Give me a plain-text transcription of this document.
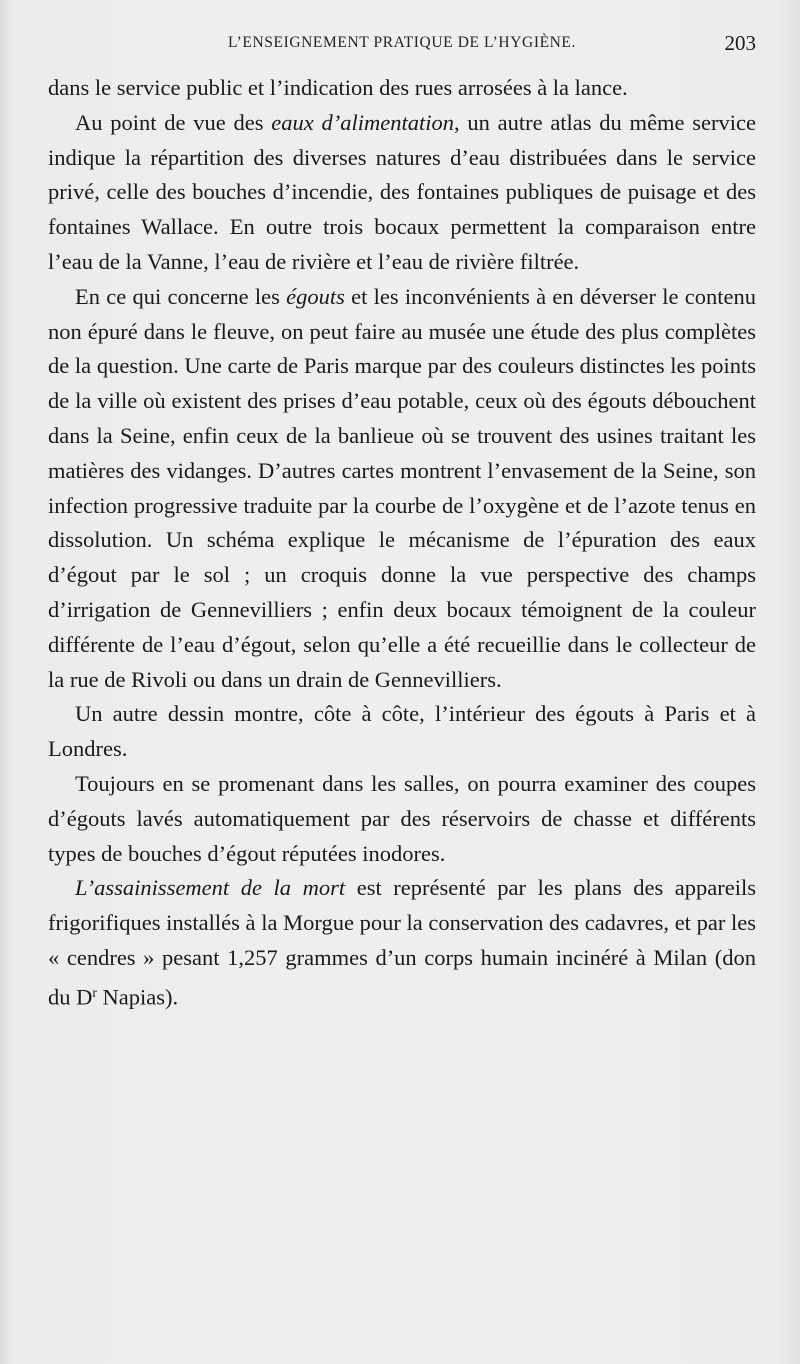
L’ENSEIGNEMENT PRATIQUE DE L’HYGIÈNE.	203

dans le service public et l’indication des rues arrosées à la lance.

Au point de vue des eaux d’alimentation, un autre atlas du même service indique la répartition des diverses natures d’eau distribuées dans le service privé, celle des bouches d’incendie, des fontaines publiques de puisage et des fontaines Wallace. En outre trois bocaux permettent la comparaison entre l’eau de la Vanne, l’eau de rivière et l’eau de rivière filtrée.

En ce qui concerne les égouts et les inconvénients à en déverser le contenu non épuré dans le fleuve, on peut faire au musée une étude des plus complètes de la question. Une carte de Paris marque par des couleurs distinctes les points de la ville où existent des prises d’eau potable, ceux où des égouts débouchent dans la Seine, enfin ceux de la banlieue où se trouvent des usines traitant les matières des vidanges. D’autres cartes montrent l’envasement de la Seine, son infection progressive traduite par la courbe de l’oxygène et de l’azote tenus en dissolution. Un schéma explique le mécanisme de l’épuration des eaux d’égout par le sol ; un croquis donne la vue perspective des champs d’irrigation de Gennevilliers ; enfin deux bocaux témoignent de la couleur différente de l’eau d’égout, selon qu’elle a été recueillie dans le collecteur de la rue de Rivoli ou dans un drain de Gennevilliers.

Un autre dessin montre, côte à côte, l’intérieur des égouts à Paris et à Londres.

Toujours en se promenant dans les salles, on pourra examiner des coupes d’égouts lavés automatiquement par des réservoirs de chasse et différents types de bouches d’égout réputées inodores.

L’assainissement de la mort est représenté par les plans des appareils frigorifiques installés à la Morgue pour la conservation des cadavres, et par les « cendres » pesant 1,257 grammes d’un corps humain incinéré à Milan (don du $D^r$ Napias).
